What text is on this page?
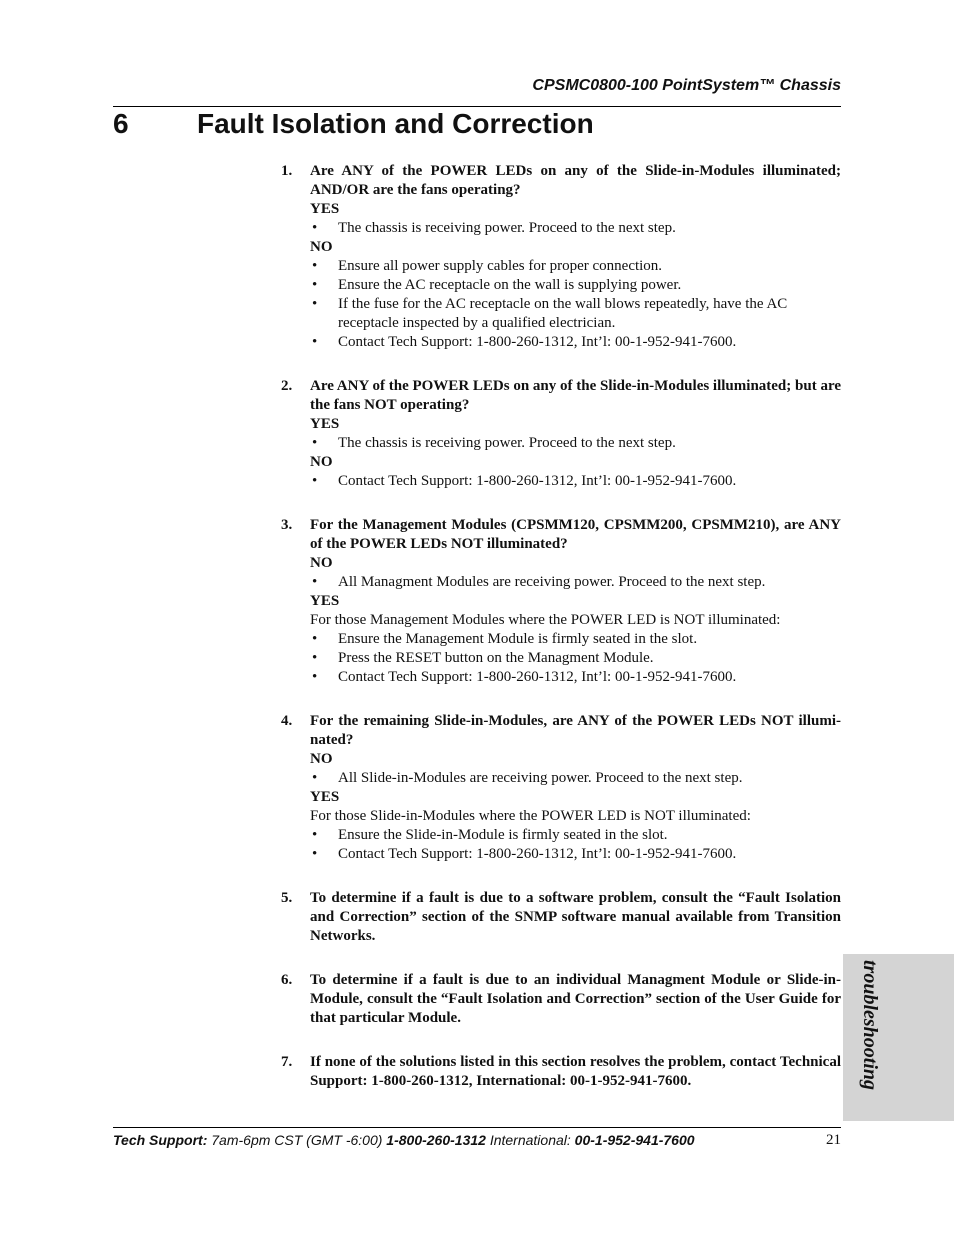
CPSMC0800-100 PointSystem™ Chassis
6 Fault Isolation and Correction
1. Are ANY of the POWER LEDs on any of the Slide-in-Modules illuminated; AND/OR are the fans operating?
YES
• The chassis is receiving power. Proceed to the next step.
NO
• Ensure all power supply cables for proper connection.
• Ensure the AC receptacle on the wall is supplying power.
• If the fuse for the AC receptacle on the wall blows repeatedly, have the AC receptacle inspected by a qualified electrician.
• Contact Tech Support: 1-800-260-1312, Int’l: 00-1-952-941-7600.
2. Are ANY of the POWER LEDs on any of the Slide-in-Modules illuminated; but are the fans NOT operating?
YES
• The chassis is receiving power. Proceed to the next step.
NO
• Contact Tech Support: 1-800-260-1312, Int’l: 00-1-952-941-7600.
3. For the Management Modules (CPSMM120, CPSMM200, CPSMM210), are ANY of the POWER LEDs NOT illuminated?
NO
• All Managment Modules are receiving power. Proceed to the next step.
YES
For those Management Modules where the POWER LED is NOT illuminated:
• Ensure the Management Module is firmly seated in the slot.
• Press the RESET button on the Managment Module.
• Contact Tech Support: 1-800-260-1312, Int’l: 00-1-952-941-7600.
4. For the remaining Slide-in-Modules, are ANY of the POWER LEDs NOT illumi-nated?
NO
• All Slide-in-Modules are receiving power. Proceed to the next step.
YES
For those Slide-in-Modules where the POWER LED is NOT illuminated:
• Ensure the Slide-in-Module is firmly seated in the slot.
• Contact Tech Support: 1-800-260-1312, Int’l: 00-1-952-941-7600.
5. To determine if a fault is due to a software problem, consult the “Fault Isolation and Correction” section of the SNMP software manual available from Transition Networks.
6. To determine if a fault is due to an individual Managment Module or Slide-in-Module, consult the “Fault Isolation and Correction” section of the User Guide for that particular Module.
7. If none of the solutions listed in this section resolves the problem, contact Technical Support: 1-800-260-1312, International: 00-1-952-941-7600.	troubleshooting
Tech Support: 7am-6pm CST (GMT -6:00) 1-800-260-1312 International: 00-1-952-941-7600	21
